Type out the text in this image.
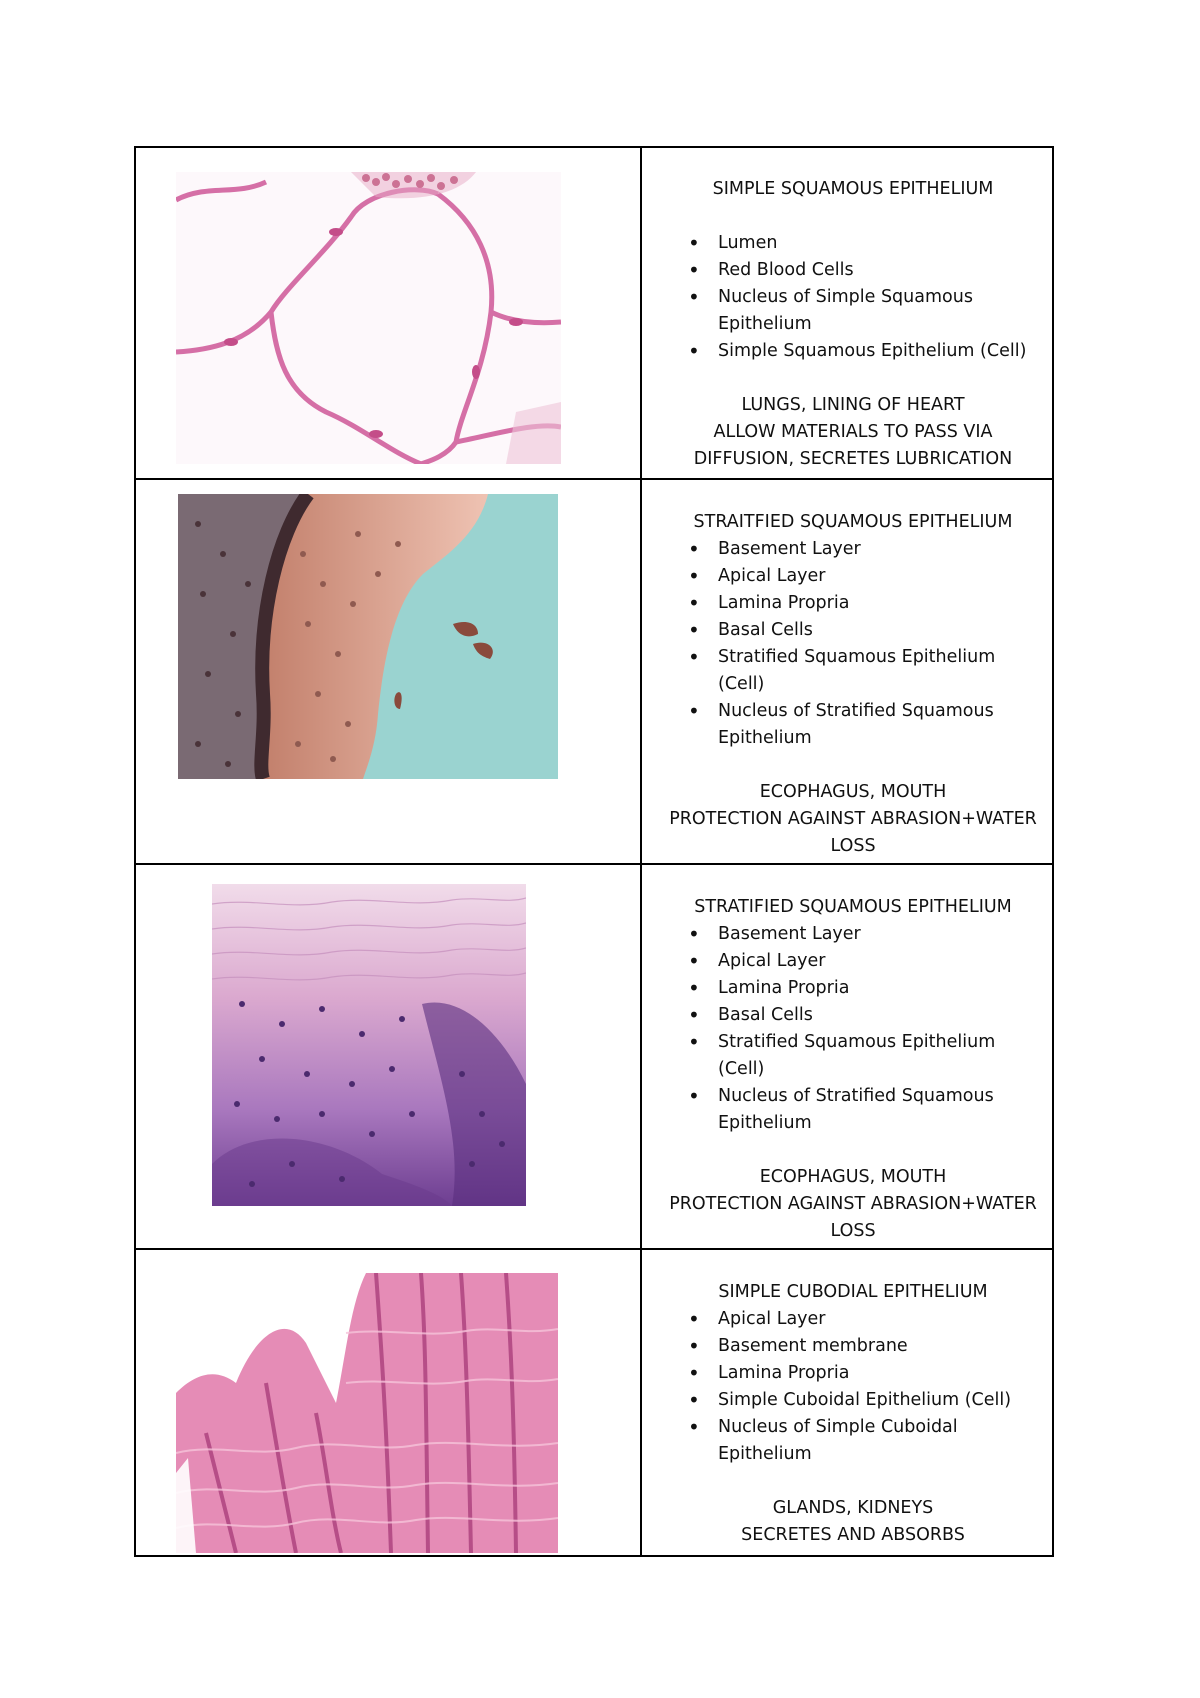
SIMPLE SQUAMOUS EPITHELIUM
• Lumen
• Red Blood Cells
• Nucleus of Simple Squamous Epithelium
• Simple Squamous Epithelium (Cell)
LUNGS, LINING OF HEART
ALLOW MATERIALS TO PASS VIA DIFFUSION, SECRETES LUBRICATION
STRAITFIED SQUAMOUS EPITHELIUM
• Basement Layer
• Apical Layer
• Lamina Propria
• Basal Cells
• Stratified Squamous Epithelium (Cell)
• Nucleus of Stratified Squamous Epithelium
ECOPHAGUS, MOUTH
PROTECTION AGAINST ABRASION+WATER LOSS
STRATIFIED SQUAMOUS EPITHELIUM
• Basement Layer
• Apical Layer
• Lamina Propria
• Basal Cells
• Stratified Squamous Epithelium (Cell)
• Nucleus of Stratified Squamous Epithelium
ECOPHAGUS, MOUTH
PROTECTION AGAINST ABRASION+WATER LOSS
SIMPLE CUBODIAL EPITHELIUM
• Apical Layer
• Basement membrane
• Lamina Propria
• Simple Cuboidal Epithelium (Cell)
• Nucleus of Simple Cuboidal Epithelium
GLANDS, KIDNEYS
SECRETES AND ABSORBS
